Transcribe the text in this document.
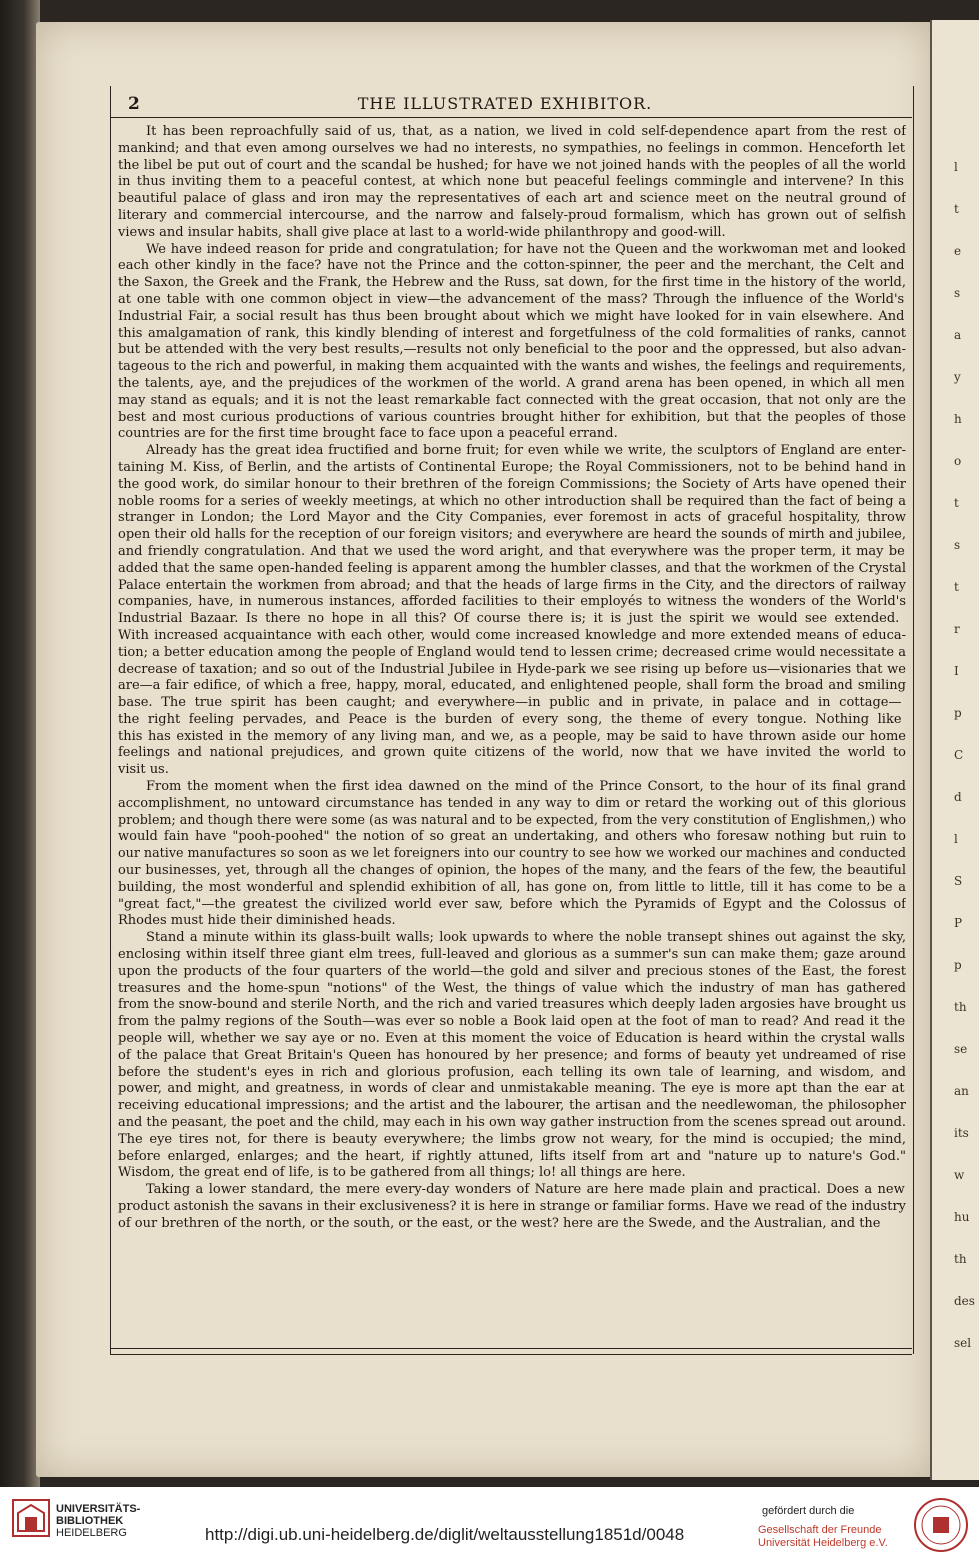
l
t
e
s
a
y
h
o
t
s
t
r
I
p
C
d
l
S
P
p
th
se
an
its
w
hu
th
des
sel
2	THE ILLUSTRATED EXHIBITOR.
It has been reproachfully said of us, that, as a nation, we lived in cold self-dependence apart from the rest of
mankind; and that even among ourselves we had no interests, no sympathies, no feelings in common. Henceforth let
the libel be put out of court and the scandal be hushed; for have we not joined hands with the peoples of all the world
in thus inviting them to a peaceful contest, at which none but peaceful feelings commingle and intervene? In this
beautiful palace of glass and iron may the representatives of each art and science meet on the neutral ground of
literary and commercial intercourse, and the narrow and falsely-proud formalism, which has grown out of selfish
views and insular habits, shall give place at last to a world-wide philanthropy and good-will.
We have indeed reason for pride and congratulation; for have not the Queen and the workwoman met and looked
each other kindly in the face? have not the Prince and the cotton-spinner, the peer and the merchant, the Celt and
the Saxon, the Greek and the Frank, the Hebrew and the Russ, sat down, for the first time in the history of the world,
at one table with one common object in view—the advancement of the mass? Through the influence of the World's
Industrial Fair, a social result has thus been brought about which we might have looked for in vain elsewhere. And
this amalgamation of rank, this kindly blending of interest and forgetfulness of the cold formalities of ranks, cannot
but be attended with the very best results,—results not only beneficial to the poor and the oppressed, but also advan-
tageous to the rich and powerful, in making them acquainted with the wants and wishes, the feelings and requirements,
the talents, aye, and the prejudices of the workmen of the world. A grand arena has been opened, in which all men
may stand as equals; and it is not the least remarkable fact connected with the great occasion, that not only are the
best and most curious productions of various countries brought hither for exhibition, but that the peoples of those
countries are for the first time brought face to face upon a peaceful errand.
Already has the great idea fructified and borne fruit; for even while we write, the sculptors of England are enter-
taining M. Kiss, of Berlin, and the artists of Continental Europe; the Royal Commissioners, not to be behind hand in
the good work, do similar honour to their brethren of the foreign Commissions; the Society of Arts have opened their
noble rooms for a series of weekly meetings, at which no other introduction shall be required than the fact of being a
stranger in London; the Lord Mayor and the City Companies, ever foremost in acts of graceful hospitality, throw
open their old halls for the reception of our foreign visitors; and everywhere are heard the sounds of mirth and jubilee,
and friendly congratulation. And that we used the word aright, and that everywhere was the proper term, it may be
added that the same open-handed feeling is apparent among the humbler classes, and that the workmen of the Crystal
Palace entertain the workmen from abroad; and that the heads of large firms in the City, and the directors of railway
companies, have, in numerous instances, afforded facilities to their employés to witness the wonders of the World's
Industrial Bazaar. Is there no hope in all this? Of course there is; it is just the spirit we would see extended.
With increased acquaintance with each other, would come increased knowledge and more extended means of educa-
tion; a better education among the people of England would tend to lessen crime; decreased crime would necessitate a
decrease of taxation; and so out of the Industrial Jubilee in Hyde-park we see rising up before us—visionaries that we
are—a fair edifice, of which a free, happy, moral, educated, and enlightened people, shall form the broad and smiling
base. The true spirit has been caught; and everywhere—in public and in private, in palace and in cottage—
the right feeling pervades, and Peace is the burden of every song, the theme of every tongue. Nothing like
this has existed in the memory of any living man, and we, as a people, may be said to have thrown aside our home
feelings and national prejudices, and grown quite citizens of the world, now that we have invited the world to
visit us.
From the moment when the first idea dawned on the mind of the Prince Consort, to the hour of its final grand
accomplishment, no untoward circumstance has tended in any way to dim or retard the working out of this glorious
problem; and though there were some (as was natural and to be expected, from the very constitution of Englishmen,) who
would fain have "pooh-poohed" the notion of so great an undertaking, and others who foresaw nothing but ruin to
our native manufactures so soon as we let foreigners into our country to see how we worked our machines and conducted
our businesses, yet, through all the changes of opinion, the hopes of the many, and the fears of the few, the beautiful
building, the most wonderful and splendid exhibition of all, has gone on, from little to little, till it has come to be a
"great fact,"—the greatest the civilized world ever saw, before which the Pyramids of Egypt and the Colossus of
Rhodes must hide their diminished heads.
Stand a minute within its glass-built walls; look upwards to where the noble transept shines out against the sky,
enclosing within itself three giant elm trees, full-leaved and glorious as a summer's sun can make them; gaze around
upon the products of the four quarters of the world—the gold and silver and precious stones of the East, the forest
treasures and the home-spun "notions" of the West, the things of value which the industry of man has gathered
from the snow-bound and sterile North, and the rich and varied treasures which deeply laden argosies have brought us
from the palmy regions of the South—was ever so noble a Book laid open at the foot of man to read? And read it the
people will, whether we say aye or no. Even at this moment the voice of Education is heard within the crystal walls
of the palace that Great Britain's Queen has honoured by her presence; and forms of beauty yet undreamed of rise
before the student's eyes in rich and glorious profusion, each telling its own tale of learning, and wisdom, and
power, and might, and greatness, in words of clear and unmistakable meaning. The eye is more apt than the ear at
receiving educational impressions; and the artist and the labourer, the artisan and the needlewoman, the philosopher
and the peasant, the poet and the child, may each in his own way gather instruction from the scenes spread out around.
The eye tires not, for there is beauty everywhere; the limbs grow not weary, for the mind is occupied; the mind,
before enlarged, enlarges; and the heart, if rightly attuned, lifts itself from art and "nature up to nature's God."
Wisdom, the great end of life, is to be gathered from all things; lo! all things are here.
Taking a lower standard, the mere every-day wonders of Nature are here made plain and practical. Does a new
product astonish the savans in their exclusiveness? it is here in strange or familiar forms. Have we read of the industry
of our brethren of the north, or the south, or the east, or the west? here are the Swede, and the Australian, and the
UNIVERSITÄTS-
BIBLIOTHEK
HEIDELBERG	http://digi.ub.uni-heidelberg.de/diglit/weltausstellung1851d/0048
gefördert durch die
Gesellschaft der Freunde
Universität Heidelberg e.V.
